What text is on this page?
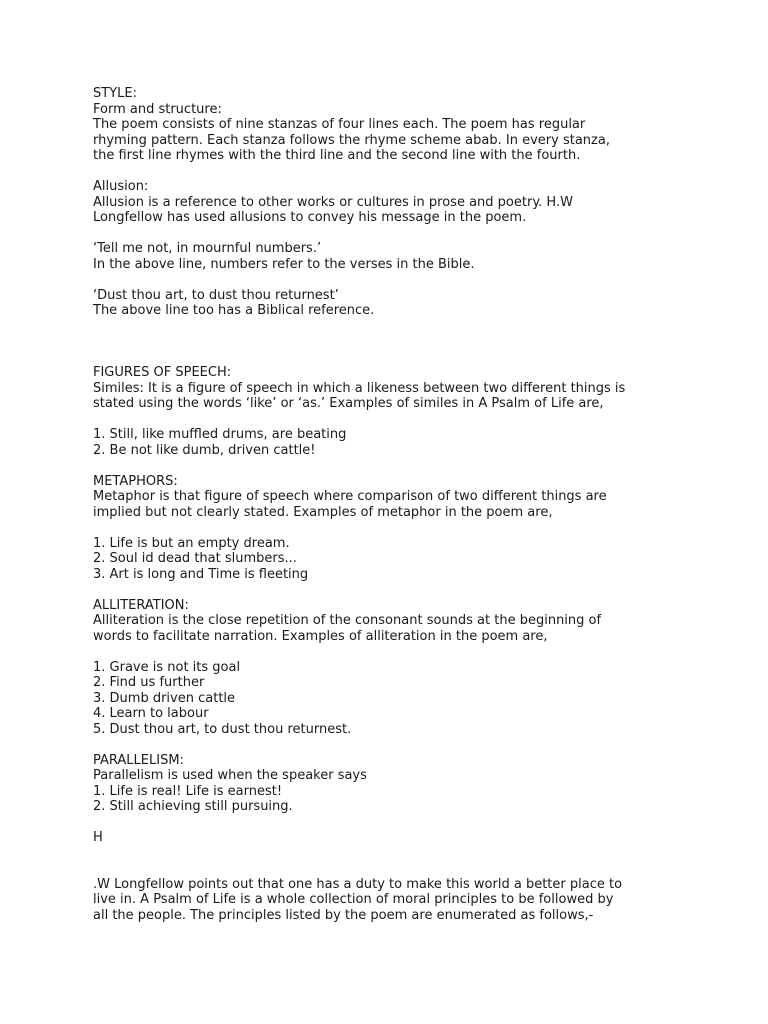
STYLE:
Form and structure:
The poem consists of nine stanzas of four lines each. The poem has regular
rhyming pattern. Each stanza follows the rhyme scheme abab. In every stanza,
the first line rhymes with the third line and the second line with the fourth.
Allusion:
Allusion is a reference to other works or cultures in prose and poetry. H.W
Longfellow has used allusions to convey his message in the poem.
‘Tell me not, in mournful numbers.’
In the above line, numbers refer to the verses in the Bible.
‘Dust thou art, to dust thou returnest’
The above line too has a Biblical reference.
FIGURES OF SPEECH:
Similes: It is a figure of speech in which a likeness between two different things is
stated using the words ‘like’ or ‘as.’ Examples of similes in A Psalm of Life are,
1. Still, like muffled drums, are beating
2. Be not like dumb, driven cattle!
METAPHORS:
Metaphor is that figure of speech where comparison of two different things are
implied but not clearly stated. Examples of metaphor in the poem are,
1. Life is but an empty dream.
2. Soul id dead that slumbers...
3. Art is long and Time is fleeting
ALLITERATION:
Alliteration is the close repetition of the consonant sounds at the beginning of
words to facilitate narration. Examples of alliteration in the poem are,
1. Grave is not its goal
2. Find us further
3. Dumb driven cattle
4. Learn to labour
5. Dust thou art, to dust thou returnest.
PARALLELISM:
Parallelism is used when the speaker says
1. Life is real! Life is earnest!
2. Still achieving still pursuing.
H
.W Longfellow points out that one has a duty to make this world a better place to
live in. A Psalm of Life is a whole collection of moral principles to be followed by
all the people. The principles listed by the poem are enumerated as follows,-
